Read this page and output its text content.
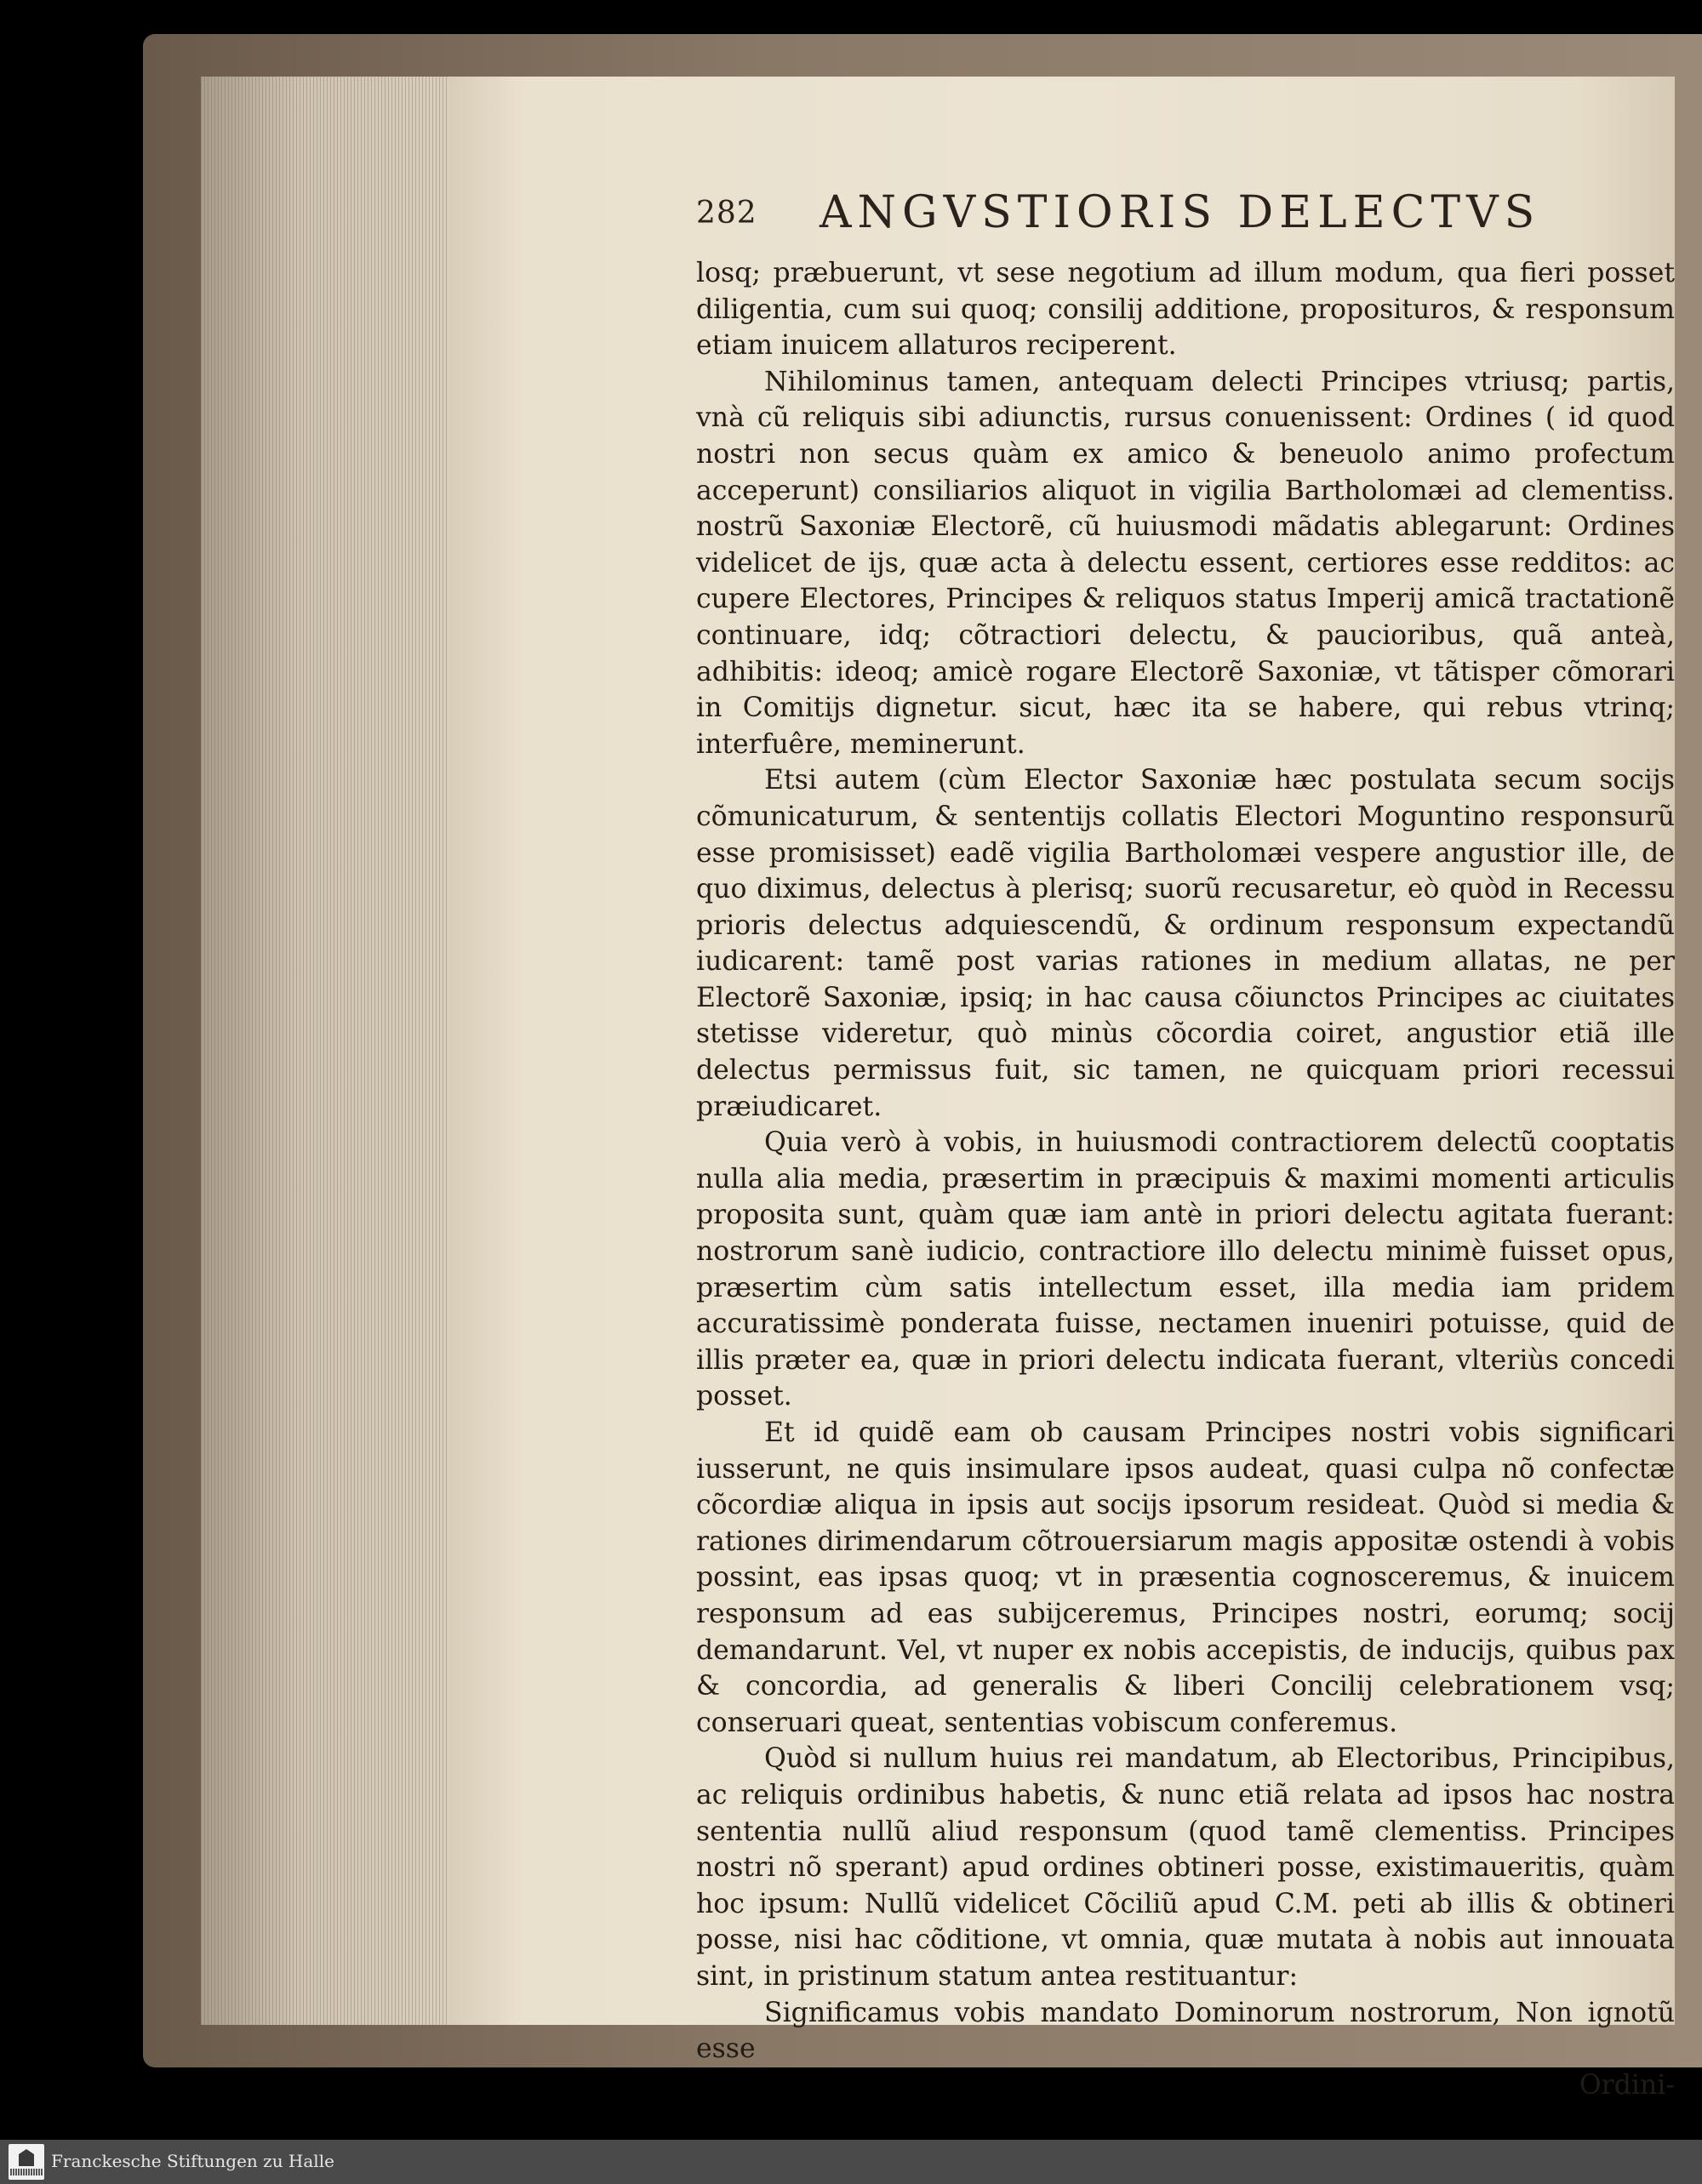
282 ANGVSTIORIS DELECTVS

losq; præbuerunt, vt sese negotium ad illum modum, qua fieri posset diligentia, cum sui quoq; consilij additione, proposituros, & responsum etiam inuicem allaturos reciperent.

Nihilominus tamen, antequam delecti Principes vtriusq; partis, vnà cũ reliquis sibi adiunctis, rursus conuenissent: Ordines ( id quod nostri non secus quàm ex amico & beneuolo animo profectum acceperunt) consiliarios aliquot in vigilia Bartholomæi ad clementiss. nostrũ Saxoniæ Electorẽ, cũ huiusmodi mãdatis ablegarunt: Ordines videlicet de ijs, quæ acta à delectu essent, certiores esse redditos: ac cupere Electores, Principes & reliquos status Imperij amicã tractationẽ continuare, idq; cõtractiori delectu, & paucioribus, quã anteà, adhibitis: ideoq; amicè rogare Electorẽ Saxoniæ, vt tãtisper cõmorari in Comitijs dignetur. sicut, hæc ita se habere, qui rebus vtrinq; interfuêre, meminerunt.

Etsi autem (cùm Elector Saxoniæ hæc postulata secum socijs cõmunicaturum, & sententijs collatis Electori Moguntino responsurũ esse promisisset) eadẽ vigilia Bartholomæi vespere angustior ille, de quo diximus, delectus à plerisq; suorũ recusaretur, eò quòd in Recessu prioris delectus adquiescendũ, & ordinum responsum expectandũ iudicarent: tamẽ post varias rationes in medium allatas, ne per Electorẽ Saxoniæ, ipsiq; in hac causa cõiunctos Principes ac ciuitates stetisse videretur, quò minùs cõcordia coiret, angustior etiã ille delectus permissus fuit, sic tamen, ne quicquam priori recessui præiudicaret.

Quia verò à vobis, in huiusmodi contractiorem delectũ cooptatis nulla alia media, præsertim in præcipuis & maximi momenti articulis proposita sunt, quàm quæ iam antè in priori delectu agitata fuerant: nostrorum sanè iudicio, contractiore illo delectu minimè fuisset opus, præsertim cùm satis intellectum esset, illa media iam pridem accuratissimè ponderata fuisse, nectamen inueniri potuisse, quid de illis præter ea, quæ in priori delectu indicata fuerant, vlteriùs concedi posset.

Et id quidẽ eam ob causam Principes nostri vobis significari iusserunt, ne quis insimulare ipsos audeat, quasi culpa nõ confectæ cõcordiæ aliqua in ipsis aut socijs ipsorum resideat. Quòd si media & rationes dirimendarum cõtrouersiarum magis appositæ ostendi à vobis possint, eas ipsas quoq; vt in præsentia cognosceremus, & inuicem responsum ad eas subijceremus, Principes nostri, eorumq; socij demandarunt. Vel, vt nuper ex nobis accepistis, de inducijs, quibus pax & concordia, ad generalis & liberi Concilij celebrationem vsq; conseruari queat, sententias vobiscum conferemus.

Quòd si nullum huius rei mandatum, ab Electoribus, Principibus, ac reliquis ordinibus habetis, & nunc etiã relata ad ipsos hac nostra sententia nullũ aliud responsum (quod tamẽ clementiss. Principes nostri nõ sperant) apud ordines obtineri posse, existimaueritis, quàm hoc ipsum: Nullũ videlicet Cõciliũ apud C.M. peti ab illis & obtineri posse, nisi hac cõditione, vt omnia, quæ mutata à nobis aut innouata sint, in pristinum statum antea restituantur:

Significamus vobis mandato Dominorum nostrorum, Non ignotũ esse

Ordini-

Franckesche Stiftungen zu Halle
